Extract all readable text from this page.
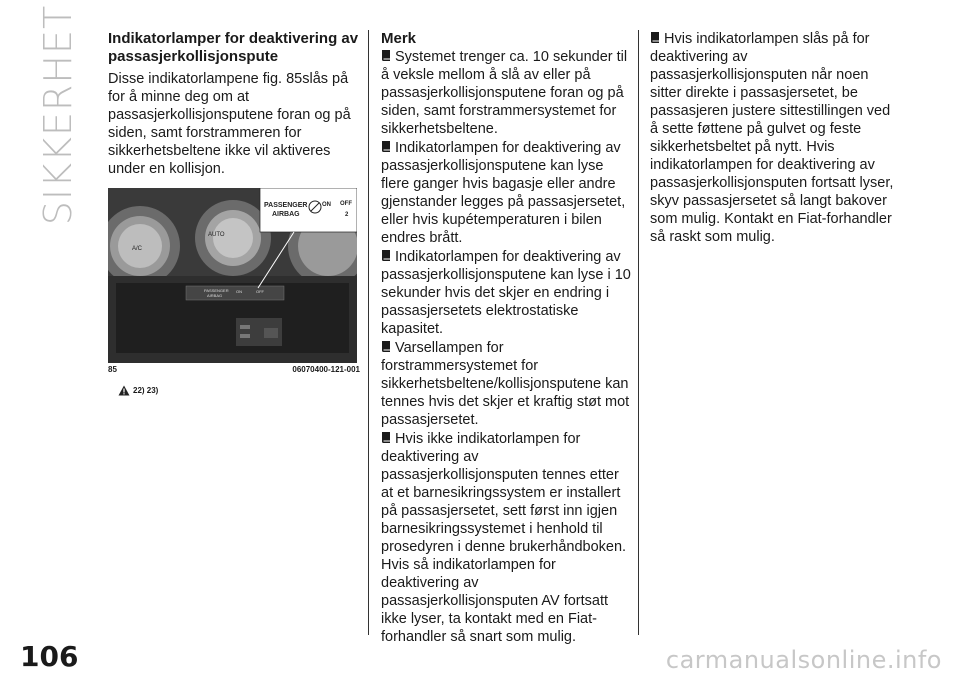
SIKKERHET
106
Indikatorlamper for deaktivering av passasjerkollisjonspute

Disse indikatorlampene fig. 85slås på for å minne deg om at passasjerkollisjonsputene foran og på siden, samt forstrammeren for sikkerhetsbeltene ikke vil aktiveres under en kollisjon.

A/C
AUTO
PASSENGER
AIRBAG
ON	OFF
PASSENGER
AIRBAG
ON OFF
2
85	06070400-121-001
22) 23)
Merk

Systemet trenger ca. 10 sekunder til å veksle mellom å slå av eller på passasjerkollisjonsputene foran og på siden, samt forstrammersystemet for sikkerhetsbeltene.

Indikatorlampen for deaktivering av passasjerkollisjonsputene kan lyse flere ganger hvis bagasje eller andre gjenstander legges på passasjersetet, eller hvis kupétemperaturen i bilen endres brått.

Indikatorlampen for deaktivering av passasjerkollisjonsputene kan lyse i 10 sekunder hvis det skjer en endring i passasjersetets elektrostatiske kapasitet.

Varsellampen for forstrammersystemet for sikkerhetsbeltene/kollisjonsputene kan tennes hvis det skjer et kraftig støt mot passasjersetet.

Hvis ikke indikatorlampen for deaktivering av passasjerkollisjonsputen tennes etter at et barnesikringssystem er installert på passasjersetet, sett først inn igjen barnesikringssystemet i henhold til prosedyren i denne brukerhåndboken. Hvis så indikatorlampen for deaktivering av passasjerkollisjonsputen AV fortsatt ikke lyser, ta kontakt med en Fiat-forhandler så snart som mulig.

Hvis indikatorlampen slås på for deaktivering av passasjerkollisjonsputen når noen sitter direkte i passasjersetet, be passasjeren justere sittestillingen ved å sette føttene på gulvet og feste sikkerhetsbeltet på nytt. Hvis indikatorlampen for deaktivering av passasjerkollisjonsputen fortsatt lyser, skyv passasjersetet så langt bakover som mulig. Kontakt en Fiat-forhandler så raskt som mulig.

carmanualsonline.info
